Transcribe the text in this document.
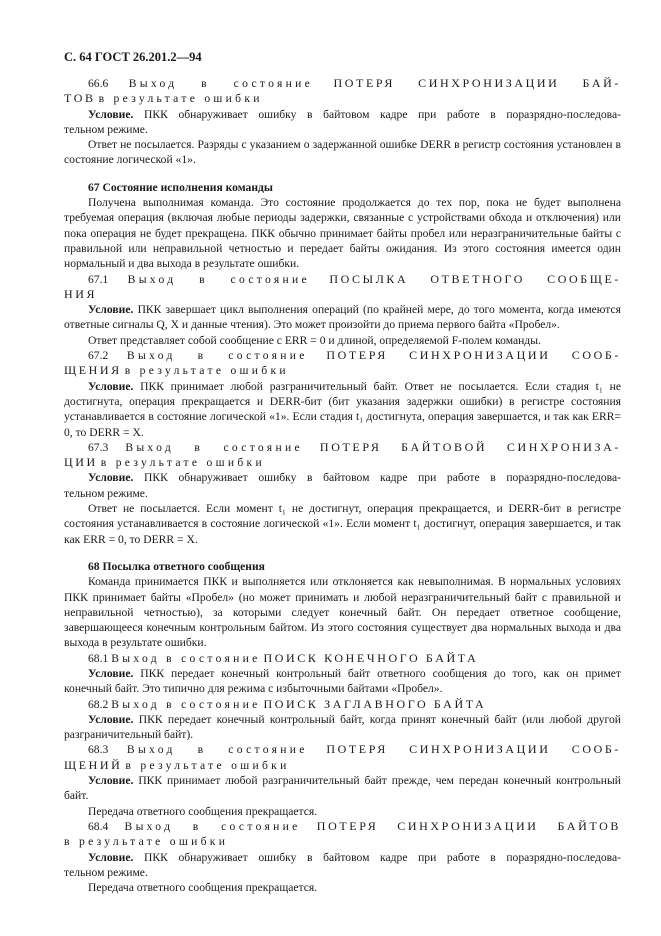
С. 64 ГОСТ 26.201.2—94

66.6 Выход в состояние ПОТЕРЯ СИНХРОНИЗАЦИИ БАЙ-

ТОВ в результате ошибки

Условие. ПКК обнаруживает ошибку в байтовом кадре при работе в поразрядно-последова-

тельном режиме.

Ответ не посылается. Разряды с указанием о задержанной ошибке DERR в регистр состояния установлен в состояние логической «1».

67 Состояние исполнения команды

Получена выполнимая команда. Это состояние продолжается до тех пор, пока не будет выполнена требуемая операция (включая любые периоды задержки, связанные с устройствами обхода и отключения) или пока операция не будет прекращена. ПКК обычно принимает байты пробел или неразграничительные байты с правильной или неправильной четностью и передает байты ожидания. Из этого состояния имеется один нормальный и два выхода в результате ошибки.

67.1 Выход в состояние ПОСЫЛКА ОТВЕТНОГО СООБЩЕ-

НИЯ

Условие. ПКК завершает цикл выполнения операций (по крайней мере, до того момента, когда имеются ответные сигналы Q, X и данные чтения). Это может произойти до приема первого байта «Пробел».

Ответ представляет собой сообщение с ERR = 0 и длиной, определяемой F-полем команды.

67.2 Выход в состояние ПОТЕРЯ СИНХРОНИЗАЦИИ СООБ-

ЩЕНИЯ в результате ошибки

Условие. ПКК принимает любой разграничительный байт. Ответ не посылается. Если стадия t₁ не достигнута, операция прекращается и DERR-бит (бит указания задержки ошибки) в регистре состояния устанавливается в состояние логической «1». Если стадия t₁ достигнута, операция завершается, и так как ERR= 0, то DERR = X.

67.3 Выход в состояние ПОТЕРЯ БАЙТОВОЙ СИНХРОНИЗА-

ЦИИ в результате ошибки

Условие. ПКК обнаруживает ошибку в байтовом кадре при работе в поразрядно-последова-

тельном режиме.

Ответ не посылается. Если момент t₁ не достигнут, операция прекращается, и DERR-бит в регистре состояния устанавливается в состояние логической «1». Если момент t₁ достигнут, операция завершается, и так как ERR = 0, то DERR = X.

68 Посылка ответного сообщения

Команда принимается ПКК и выполняется или отклоняется как невыполнимая. В нормальных условиях ПКК принимает байты «Пробел» (но может принимать и любой неразграничительный байт с правильной и неправильной четностью), за которыми следует конечный байт. Он передает ответное сообщение, завершающееся конечным контрольным байтом. Из этого состояния существует два нормальных выхода и два выхода в результате ошибки.

68.1 Выход в состояние ПОИСК КОНЕЧНОГО БАЙТА

Условие. ПКК передает конечный контрольный байт ответного сообщения до того, как он примет конечный байт. Это типично для режима с избыточными байтами «Пробел».

68.2 Выход в состояние ПОИСК ЗАГЛАВНОГО БАЙТА

Условие. ПКК передает конечный контрольный байт, когда принят конечный байт (или любой другой разграничительный байт).

68.3 Выход в состояние ПОТЕРЯ СИНХРОНИЗАЦИИ СООБ-

ЩЕНИЙ в результате ошибки

Условие. ПКК принимает любой разграничительный байт прежде, чем передан конечный контрольный байт.

Передача ответного сообщения прекращается.

68.4 Выход в состояние ПОТЕРЯ СИНХРОНИЗАЦИИ БАЙТОВ

в результате ошибки

Условие. ПКК обнаруживает ошибку в байтовом кадре при работе в поразрядно-последова-

тельном режиме.

Передача ответного сообщения прекращается.
